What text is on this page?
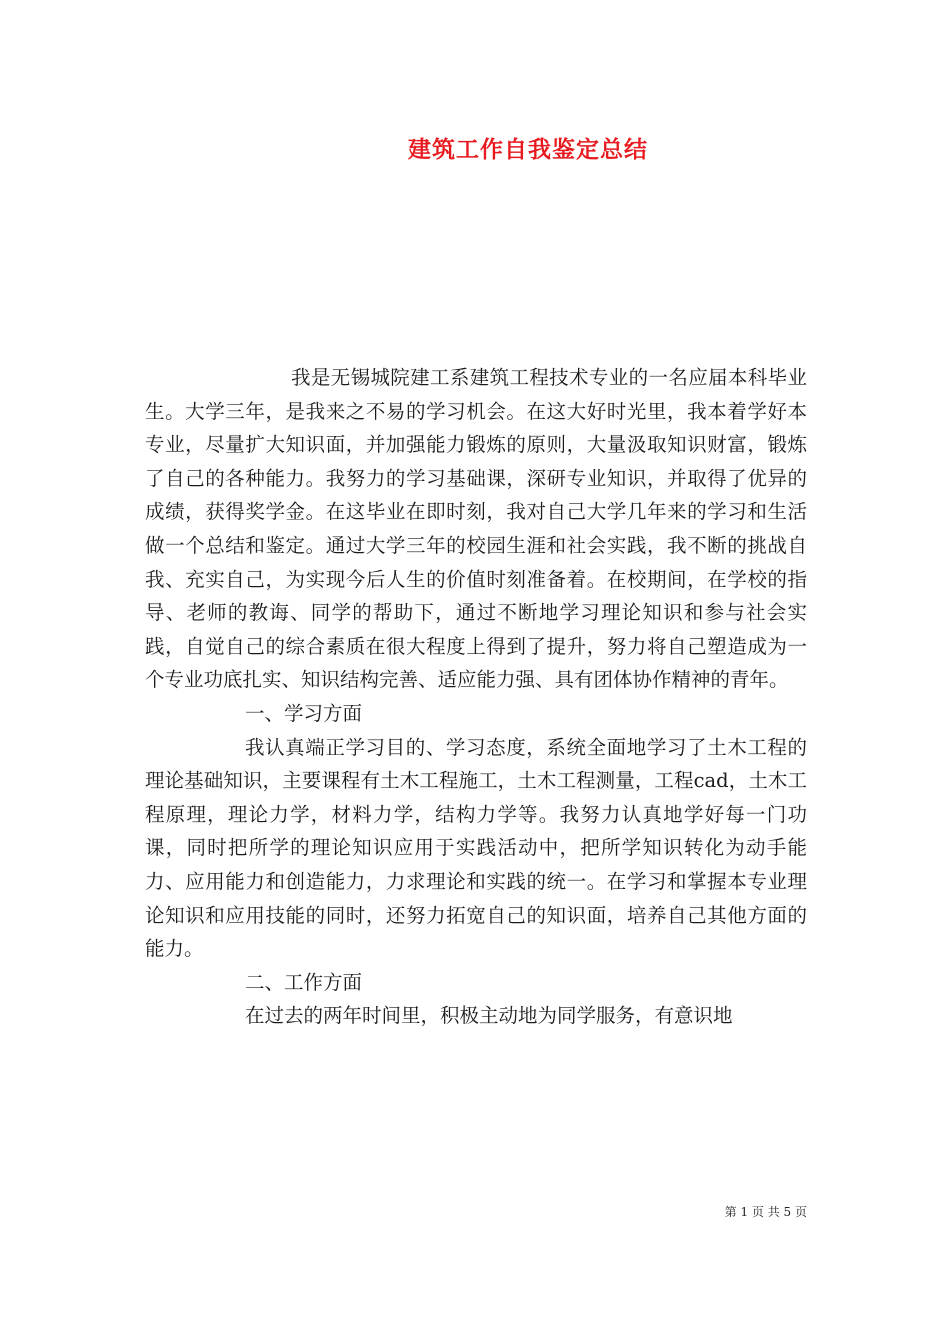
建筑工作自我鉴定总结

我是无锡城院建工系建筑工程技术专业的一名应届本科毕业生。大学三年，是我来之不易的学习机会。在这大好时光里，我本着学好本专业，尽量扩大知识面，并加强能力锻炼的原则，大量汲取知识财富，锻炼了自己的各种能力。我努力的学习基础课，深研专业知识，并取得了优异的成绩，获得奖学金。在这毕业在即时刻，我对自己大学几年来的学习和生活做一个总结和鉴定。通过大学三年的校园生涯和社会实践，我不断的挑战自我、充实自己，为实现今后人生的价值时刻准备着。在校期间，在学校的指导、老师的教诲、同学的帮助下，通过不断地学习理论知识和参与社会实践，自觉自己的综合素质在很大程度上得到了提升，努力将自己塑造成为一个专业功底扎实、知识结构完善、适应能力强、具有团体协作精神的青年。

一、学习方面

我认真端正学习目的、学习态度，系统全面地学习了土木工程的理论基础知识，主要课程有土木工程施工，土木工程测量，工程cad，土木工程原理，理论力学，材料力学，结构力学等。我努力认真地学好每一门功课，同时把所学的理论知识应用于实践活动中，把所学知识转化为动手能力、应用能力和创造能力，力求理论和实践的统一。在学习和掌握本专业理论知识和应用技能的同时，还努力拓宽自己的知识面，培养自己其他方面的能力。

二、工作方面

在过去的两年时间里，积极主动地为同学服务，有意识地

第 1 页 共 5 页
